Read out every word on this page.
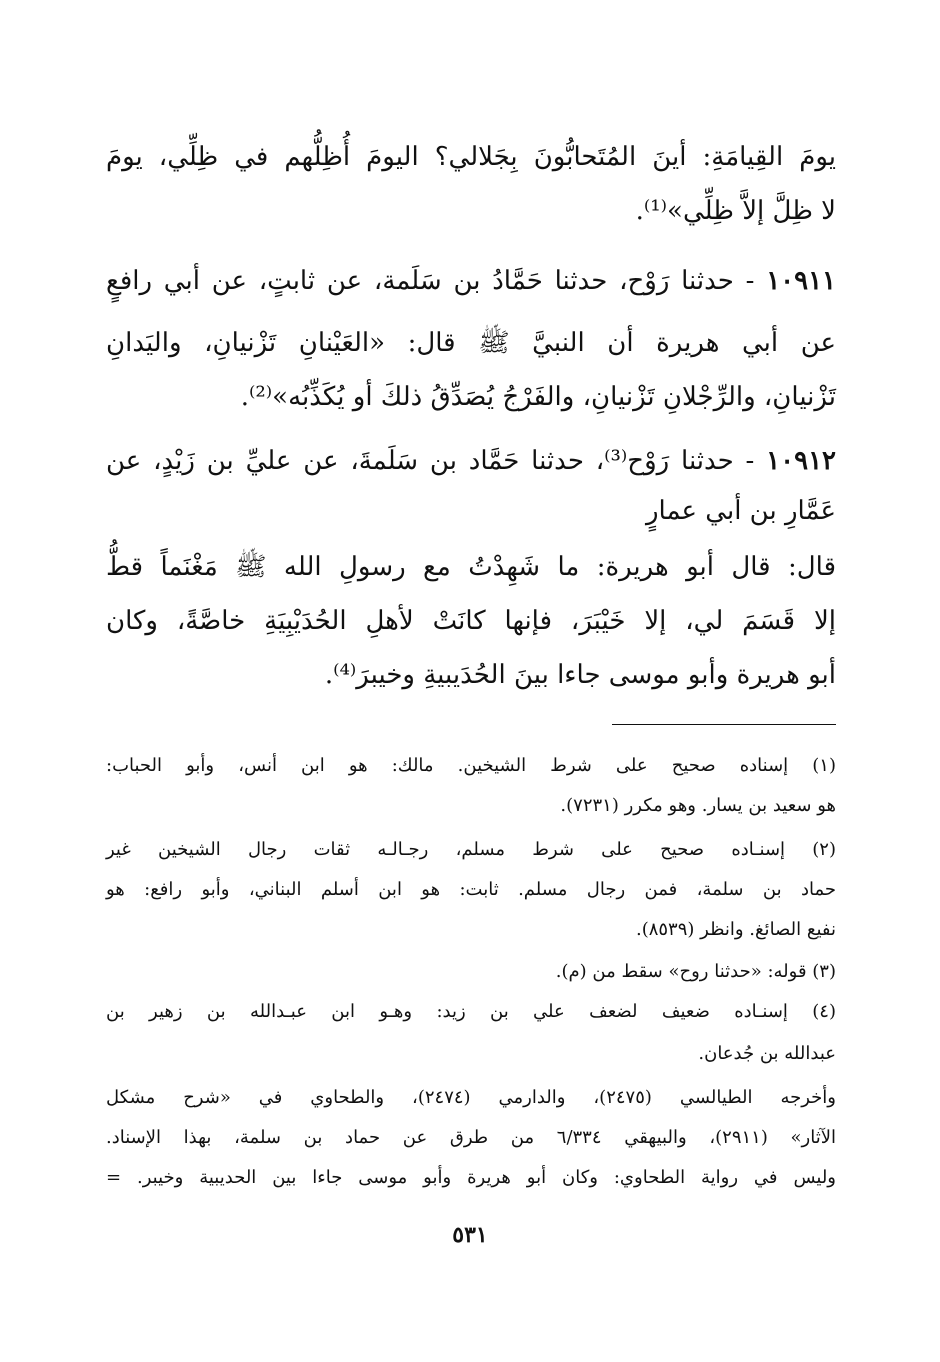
يومَ القِيامَةِ: أينَ المُتَحابُّونَ بِجَلالي؟ اليومَ أُظِلُّهم في ظِلِّي، يومَ
لا ظِلَّ إلاَّ ظِلِّي»⁽¹⁾.
١٠٩١١ - حدثنا رَوْح، حدثنا حَمَّادُ بن سَلَمة، عن ثابتٍ، عن أبي رافعٍ
عن أبي هريرة أن النبيَّ ﷺ قال: «العَيْنانِ تَزْنيانِ، واليَدانِ
تَزْنيانِ، والرِّجْلانِ تَزْنيانِ، والفَرْجُ يُصَدِّقُ ذلكَ أو يُكَذِّبُه»⁽²⁾.
١٠٩١٢ - حدثنا رَوْح⁽³⁾، حدثنا حَمَّاد بن سَلَمةَ، عن عليِّ بن زَيْدٍ، عن
عَمَّارِ بن أبي عمارٍ
قال: قال أبو هريرة: ما شَهِدْتُ مع رسولِ الله ﷺ مَغْنَماً قطُّ
إلا قَسَمَ لي، إلا خَيْبَرَ، فإنها كانَتْ لأهلِ الحُدَيْبِيَةِ خاصَّةً، وكان
أبو هريرة وأبو موسى جاءا بينَ الحُدَيبيةِ وخيبرَ⁽⁴⁾.
(١) إسناده صحيح على شرط الشيخين. مالك: هو ابن أنس، وأبو الحباب:
هو سعيد بن يسار. وهو مكرر (٧٢٣١).
(٢) إسنـاده صحيح على شرط مسلم، رجـالـه ثقات رجال الشيخين غير
حماد بن سلمة، فمن رجال مسلم. ثابت: هو ابن أسلم البناني، وأبو رافع: هو
نفيع الصائغ. وانظر (٨٥٣٩).
(٣) قوله: «حدثنا روح» سقط من (م).
(٤) إسنـاده ضعيف لضعف علي بن زيد: وهـو ابن عبـدالله بن زهير بن
عبدالله بن جُدعان.
وأخرجه الطيالسي (٢٤٧٥)، والدارمي (٢٤٧٤)، والطحاوي في «شرح مشكل
الآثار» (٢٩١١)، والبيهقي ٦/٣٣٤ من طرق عن حماد بن سلمة، بهذا الإسناد.
وليس في رواية الطحاوي: وكان أبو هريرة وأبو موسى جاءا بين الحديبية وخيبر. =
٥٣١
